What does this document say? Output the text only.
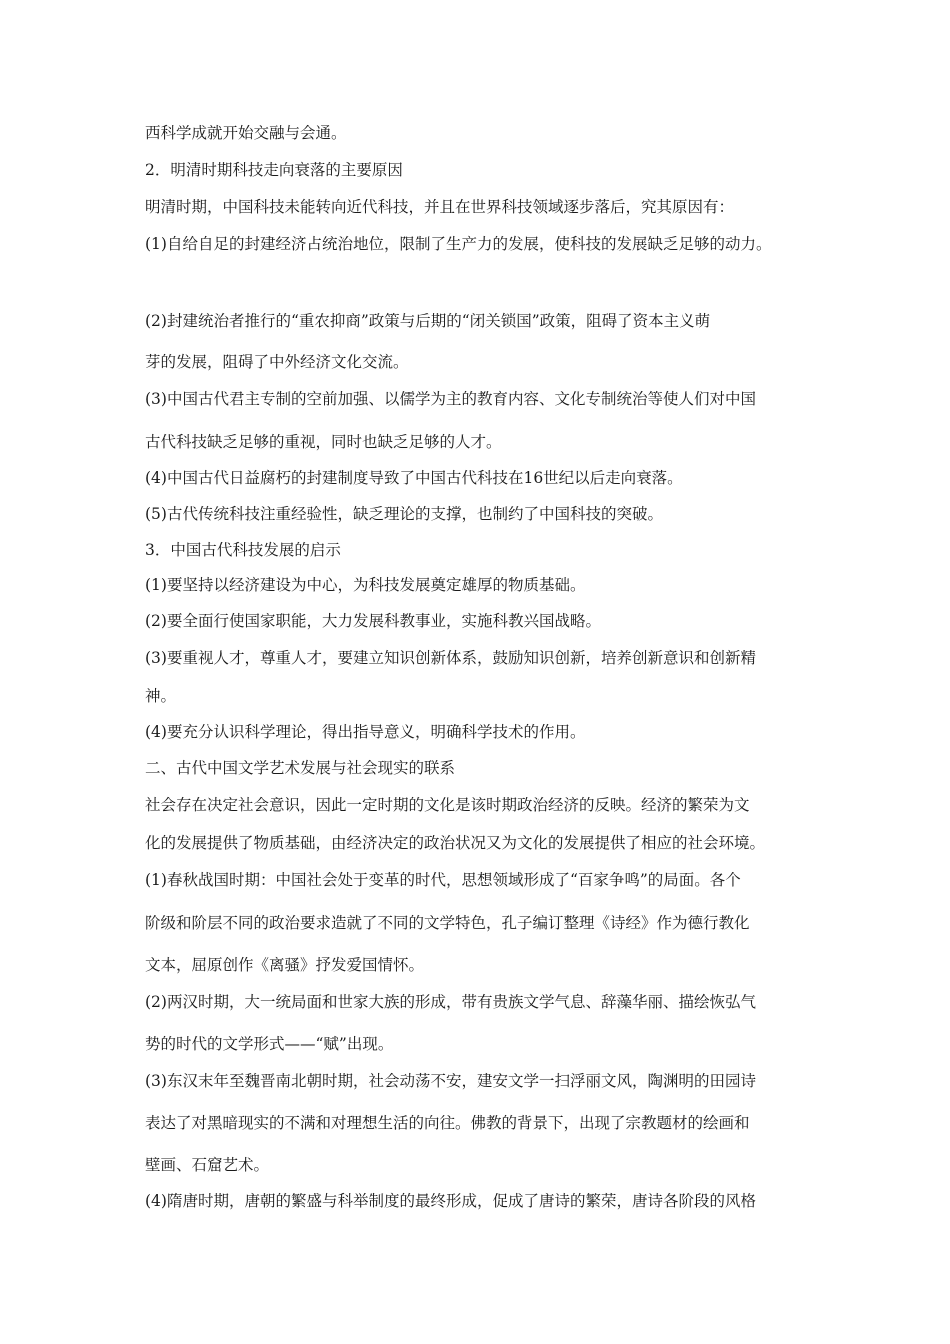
西科学成就开始交融与会通。

2．明清时期科技走向衰落的主要原因

明清时期，中国科技未能转向近代科技，并且在世界科技领域逐步落后，究其原因有：

(1)自给自足的封建经济占统治地位，限制了生产力的发展，使科技的发展缺乏足够的动力。

(2)封建统治者推行的“重农抑商”政策与后期的“闭关锁国”政策，阻碍了资本主义萌

芽的发展，阻碍了中外经济文化交流。

(3)中国古代君主专制的空前加强、以儒学为主的教育内容、文化专制统治等使人们对中国

古代科技缺乏足够的重视，同时也缺乏足够的人才。

(4)中国古代日益腐朽的封建制度导致了中国古代科技在16世纪以后走向衰落。

(5)古代传统科技注重经验性，缺乏理论的支撑，也制约了中国科技的突破。

3．中国古代科技发展的启示

(1)要坚持以经济建设为中心，为科技发展奠定雄厚的物质基础。

(2)要全面行使国家职能，大力发展科教事业，实施科教兴国战略。

(3)要重视人才，尊重人才，要建立知识创新体系，鼓励知识创新，培养创新意识和创新精

神。

(4)要充分认识科学理论，得出指导意义，明确科学技术的作用。

二、古代中国文学艺术发展与社会现实的联系

社会存在决定社会意识，因此一定时期的文化是该时期政治经济的反映。经济的繁荣为文

化的发展提供了物质基础，由经济决定的政治状况又为文化的发展提供了相应的社会环境。

(1)春秋战国时期：中国社会处于变革的时代，思想领域形成了“百家争鸣”的局面。各个

阶级和阶层不同的政治要求造就了不同的文学特色，孔子编订整理《诗经》作为德行教化

文本，屈原创作《离骚》抒发爱国情怀。

(2)两汉时期，大一统局面和世家大族的形成，带有贵族文学气息、辞藻华丽、描绘恢弘气

势的时代的文学形式——“赋”出现。

(3)东汉末年至魏晋南北朝时期，社会动荡不安，建安文学一扫浮丽文风，陶渊明的田园诗

表达了对黑暗现实的不满和对理想生活的向往。佛教的背景下，出现了宗教题材的绘画和

壁画、石窟艺术。

(4)隋唐时期，唐朝的繁盛与科举制度的最终形成，促成了唐诗的繁荣，唐诗各阶段的风格
